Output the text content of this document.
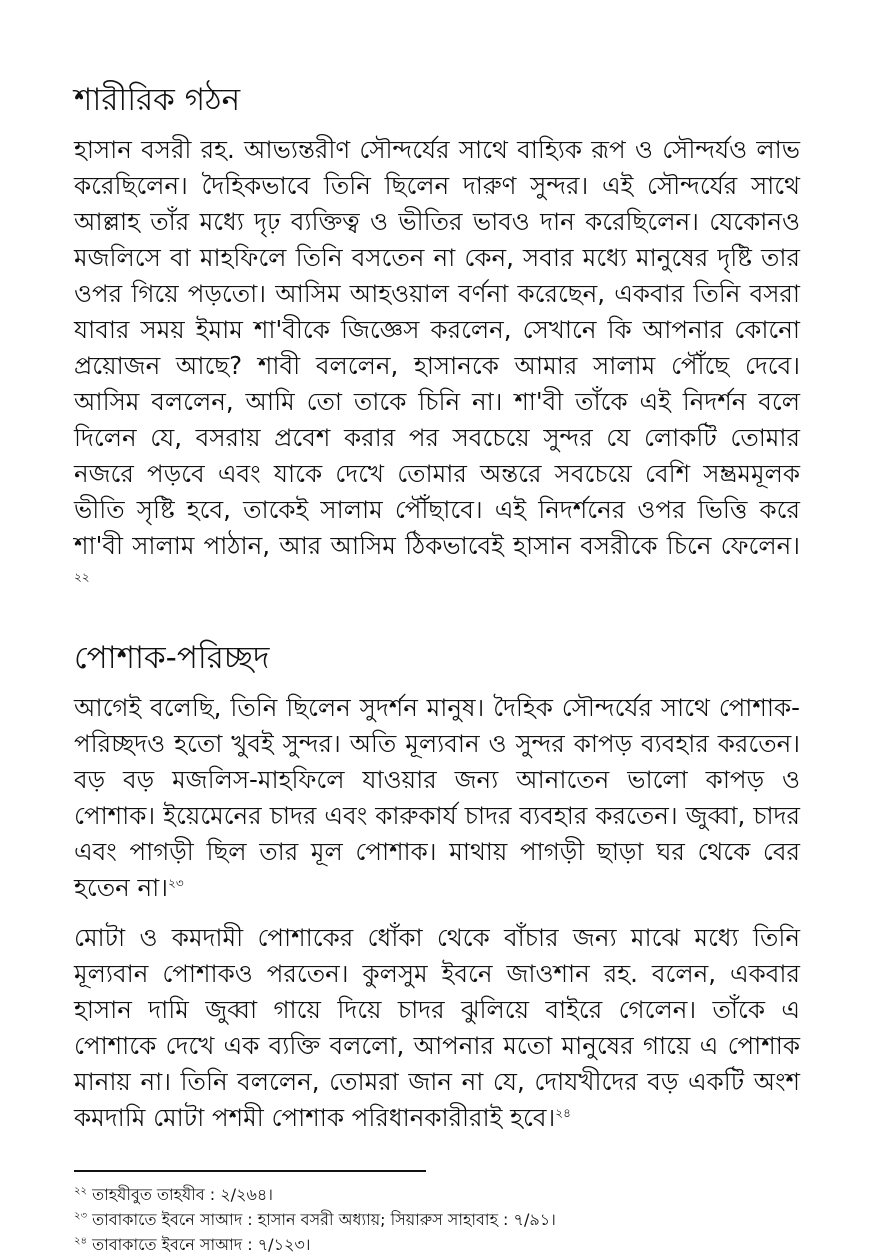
শারীরিক গঠন

হাসান বসরী রহ. আভ্যন্তরীণ সৌন্দর্যের সাথে বাহ্যিক রূপ ও সৌন্দর্যও লাভ করেছিলেন। দৈহিকভাবে তিনি ছিলেন দারুণ সুন্দর। এই সৌন্দর্যের সাথে আল্লাহ তাঁর মধ্যে দৃঢ় ব্যক্তিত্ব ও ভীতির ভাবও দান করেছিলেন। যেকোনও মজলিসে বা মাহফিলে তিনি বসতেন না কেন, সবার মধ্যে মানুষের দৃষ্টি তার ওপর গিয়ে পড়তো। আসিম আহওয়াল বর্ণনা করেছেন, একবার তিনি বসরা যাবার সময় ইমাম শা'বীকে জিজ্ঞেস করলেন, সেখানে কি আপনার কোনো প্রয়োজন আছে? শাবী বললেন, হাসানকে আমার সালাম পৌঁছে দেবে। আসিম বললেন, আমি তো তাকে চিনি না। শা'বী তাঁকে এই নিদর্শন বলে দিলেন যে, বসরায় প্রবেশ করার পর সবচেয়ে সুন্দর যে লোকটি তোমার নজরে পড়বে এবং যাকে দেখে তোমার অন্তরে সবচেয়ে বেশি সম্ভ্রমমূলক ভীতি সৃষ্টি হবে, তাকেই সালাম পৌঁছাবে। এই নিদর্শনের ওপর ভিত্তি করে শা'বী সালাম পাঠান, আর আসিম ঠিকভাবেই হাসান বসরীকে চিনে ফেলেন।$^{২২}$

পোশাক-পরিচ্ছদ

আগেই বলেছি, তিনি ছিলেন সুদর্শন মানুষ। দৈহিক সৌন্দর্যের সাথে পোশাক-পরিচ্ছদও হতো খুবই সুন্দর। অতি মূল্যবান ও সুন্দর কাপড় ব্যবহার করতেন। বড় বড় মজলিস-মাহফিলে যাওয়ার জন্য আনাতেন ভালো কাপড় ও পোশাক। ইয়েমেনের চাদর এবং কারুকার্য চাদর ব্যবহার করতেন। জুব্বা, চাদর এবং পাগড়ী ছিল তার মূল পোশাক। মাথায় পাগড়ী ছাড়া ঘর থেকে বের হতেন না।$^{২৩}$

মোটা ও কমদামী পোশাকের ধোঁকা থেকে বাঁচার জন্য মাঝে মধ্যে তিনি মূল্যবান পোশাকও পরতেন। কুলসুম ইবনে জাওশান রহ. বলেন, একবার হাসান দামি জুব্বা গায়ে দিয়ে চাদর ঝুলিয়ে বাইরে গেলেন। তাঁকে এ পোশাকে দেখে এক ব্যক্তি বললো, আপনার মতো মানুষের গায়ে এ পোশাক মানায় না। তিনি বললেন, তোমরা জান না যে, দোযখীদের বড় একটি অংশ কমদামি মোটা পশমী পোশাক পরিধানকারীরাই হবে।$^{২৪}$

$^{২২}$ তাহযীবুত তাহযীব : ২/২৬৪।

$^{২৩}$ তাবাকাতে ইবনে সাআদ : হাসান বসরী অধ্যায়; সিয়ারুস সাহাবাহ : ৭/৯১।

$^{২৪}$ তাবাকাতে ইবনে সাআদ : ৭/১২৩।
